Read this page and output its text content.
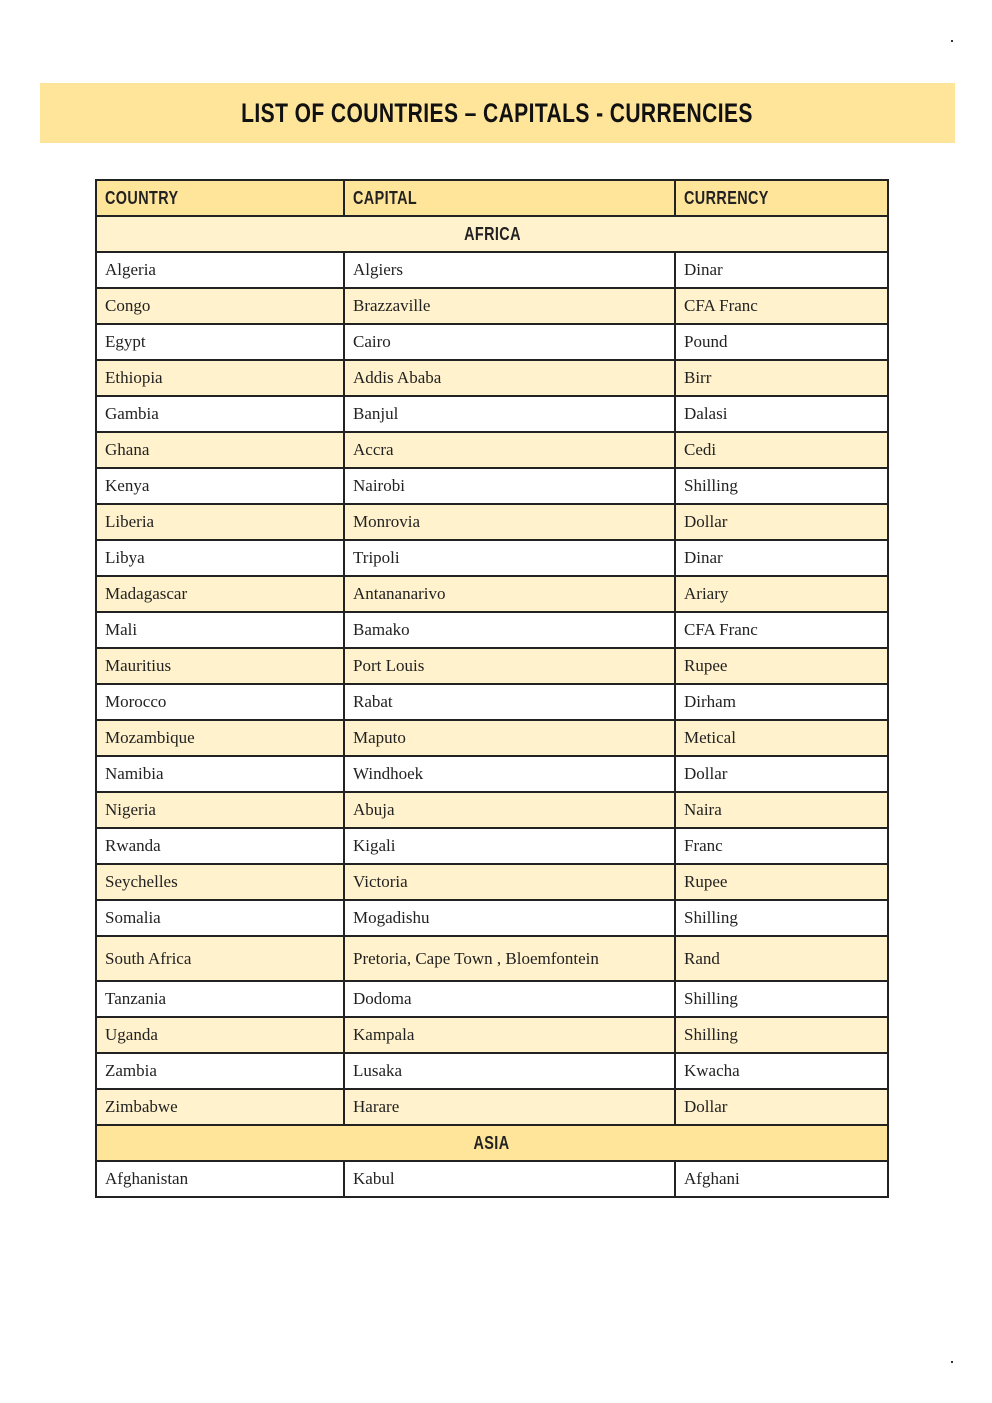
LIST OF COUNTRIES – CAPITALS - CURRENCIES
COUNTRY	CAPITAL	CURRENCY
AFRICA		
Algeria	Algiers	Dinar
Congo	Brazzaville	CFA Franc
Egypt	Cairo	Pound
Ethiopia	Addis Ababa	Birr
Gambia	Banjul	Dalasi
Ghana	Accra	Cedi
Kenya	Nairobi	Shilling
Liberia	Monrovia	Dollar
Libya	Tripoli	Dinar
Madagascar	Antananarivo	Ariary
Mali	Bamako	CFA Franc
Mauritius	Port Louis	Rupee
Morocco	Rabat	Dirham
Mozambique	Maputo	Metical
Namibia	Windhoek	Dollar
Nigeria	Abuja	Naira
Rwanda	Kigali	Franc
Seychelles	Victoria	Rupee
Somalia	Mogadishu	Shilling
South Africa	Pretoria, Cape Town , Bloemfontein	Rand
Tanzania	Dodoma	Shilling
Uganda	Kampala	Shilling
Zambia	Lusaka	Kwacha
Zimbabwe	Harare	Dollar
ASIA		
Afghanistan	Kabul	Afghani
